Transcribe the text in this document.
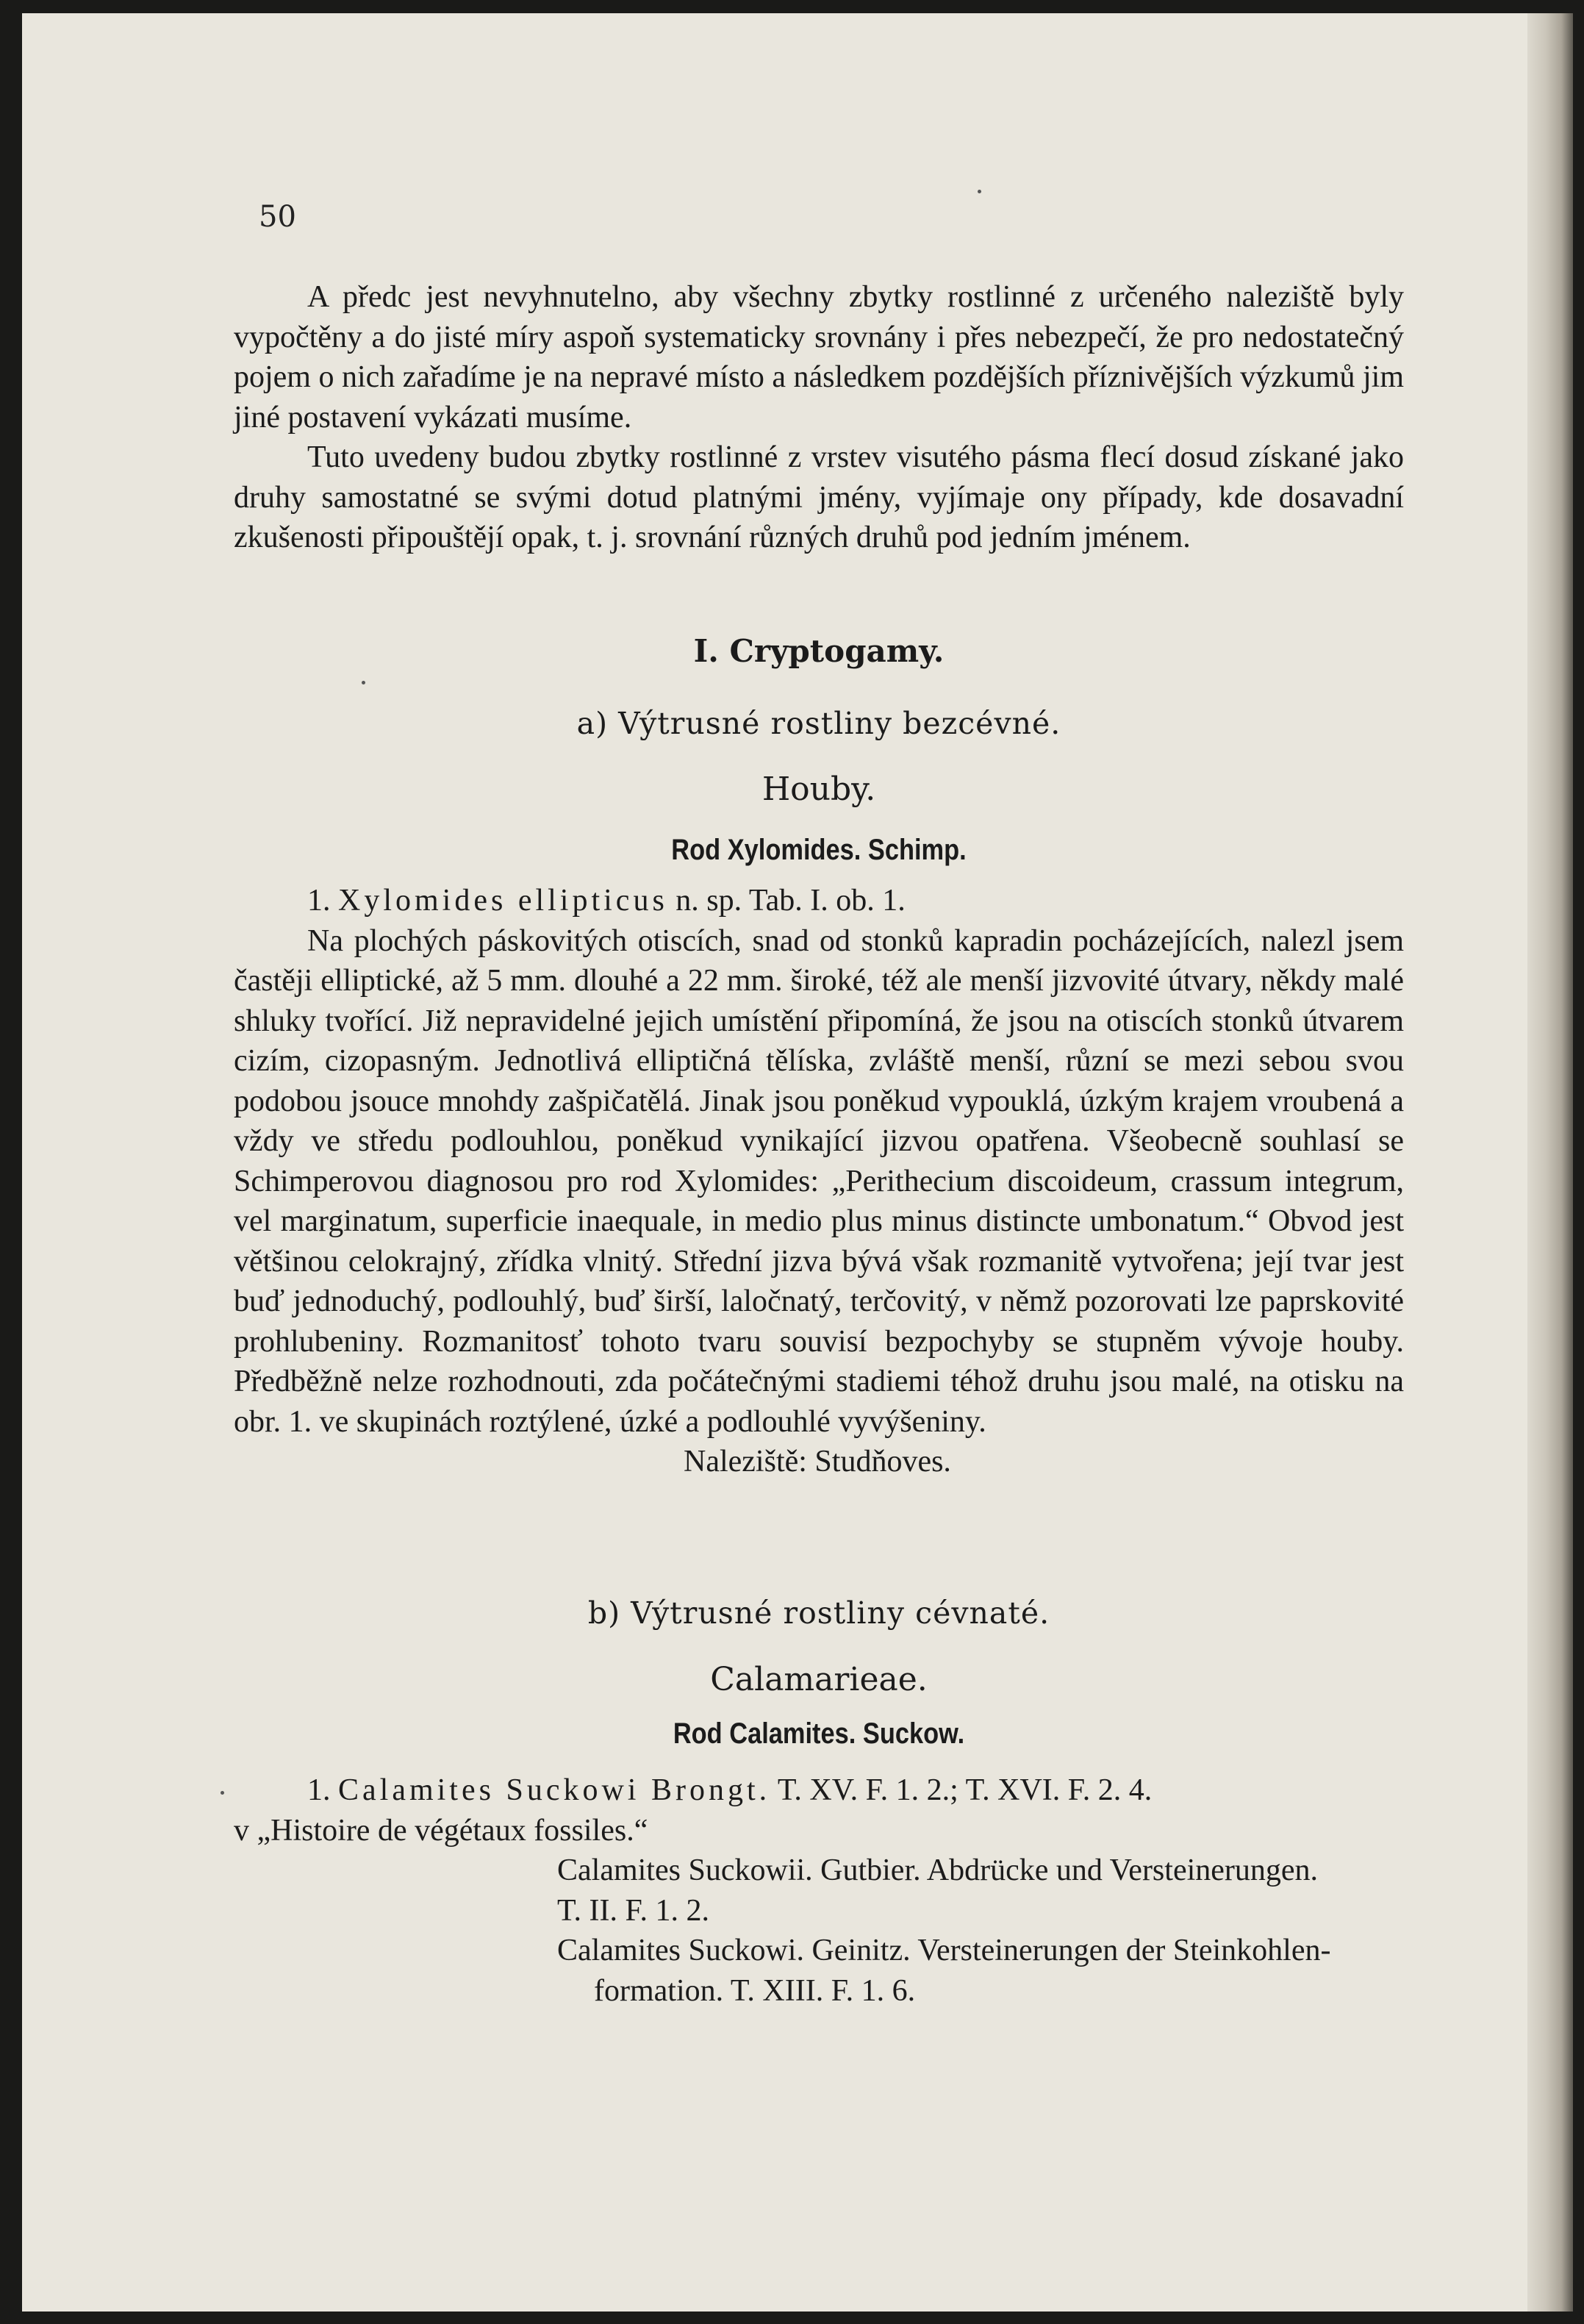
50

A předc jest nevyhnutelno, aby všechny zbytky rostlinné z určeného naleziště byly vypočtěny a do jisté míry aspoň systematicky srovnány i přes nebezpečí, že pro nedostatečný pojem o nich zařadíme je na nepravé místo a následkem pozdějších příznivějších výzkumů jim jiné postavení vykázati musíme.

Tuto uvedeny budou zbytky rostlinné z vrstev visutého pásma flecí dosud získané jako druhy samostatné se svými dotud platnými jmény, vyjímaje ony případy, kde dosavadní zkušenosti připouštějí opak, t. j. srovnání různých druhů pod jedním jménem.

I. Cryptogamy.
a) Výtrusné rostliny bezcévné.
Houby.
Rod Xylomides. Schimp.

1. Xylomides ellipticus n. sp. Tab. I. ob. 1.

Na plochých páskovitých otiscích, snad od stonků kapradin pocházejících, nalezl jsem častěji elliptické, až 5 mm. dlouhé a 22 mm. široké, též ale menší jizvovité útvary, někdy malé shluky tvořící. Již nepravidelné jejich umístění připomíná, že jsou na otiscích stonků útvarem cizím, cizopasným. Jednotlivá elliptičná tělíska, zvláště menší, různí se mezi sebou svou podobou jsouce mnohdy zašpičatělá. Jinak jsou poněkud vypouklá, úzkým krajem vroubená a vždy ve středu podlouhlou, poněkud vynikající jizvou opatřena. Všeobecně souhlasí se Schimperovou diagnosou pro rod Xylomides: „Perithecium discoideum, crassum integrum, vel marginatum, superficie inaequale, in medio plus minus distincte umbonatum.“ Obvod jest většinou celokrajný, zřídka vlnitý. Střední jizva bývá však rozmanitě vytvořena; její tvar jest buď jednoduchý, podlouhlý, buď širší, laločnatý, terčovitý, v němž pozorovati lze paprskovité prohlubeniny. Rozmanitosť tohoto tvaru souvisí bezpochyby se stupněm vývoje houby. Předběžně nelze rozhodnouti, zda počátečnými stadiemi téhož druhu jsou malé, na otisku na obr. 1. ve skupinách roztýlené, úzké a podlouhlé vyvýšeniny.

Naleziště: Studňoves.

b) Výtrusné rostliny cévnaté.
Calamarieae.
Rod Calamites. Suckow.

1. Calamites Suckowi Brongt. T. XV. F. 1. 2.; T. XVI. F. 2. 4.

v „Histoire de végétaux fossiles.“

Calamites Suckowii. Gutbier. Abdrücke und Versteinerungen.

T. II. F. 1. 2.

Calamites Suckowi. Geinitz. Versteinerungen der Steinkohlen-

formation. T. XIII. F. 1. 6.
